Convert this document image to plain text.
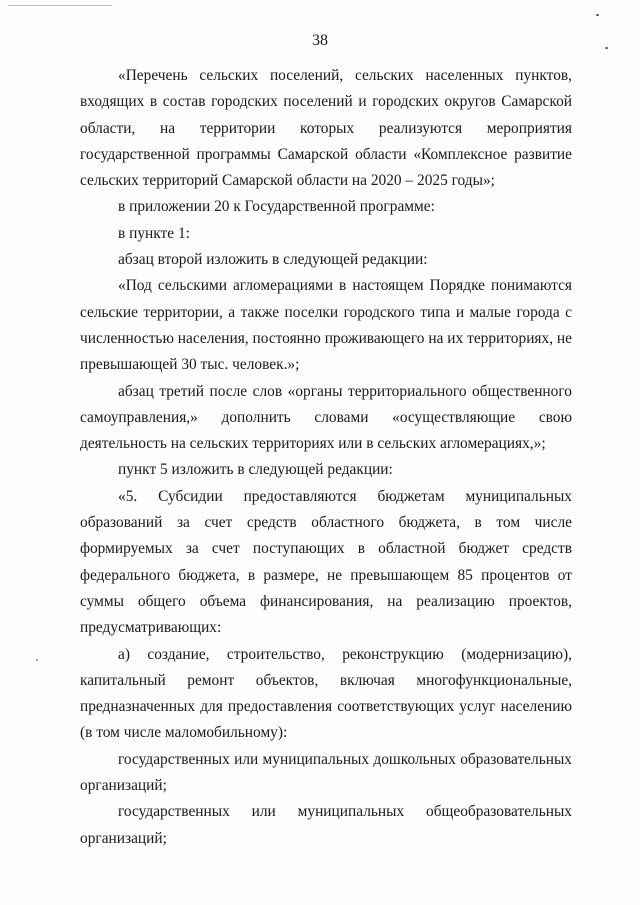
38

«Перечень сельских поселений, сельских населенных пунктов, входящих в состав городских поселений и городских округов Самарской области, на территории которых реализуются мероприятия государственной программы Самарской области «Комплексное развитие сельских территорий Самарской области на 2020 – 2025 годы»;

в приложении 20 к Государственной программе:

в пункте 1:

абзац второй изложить в следующей редакции:

«Под сельскими агломерациями в настоящем Порядке понимаются сельские территории, а также поселки городского типа и малые города с численностью населения, постоянно проживающего на их территориях, не превышающей 30 тыс. человек.»;

абзац третий после слов «органы территориального общественного самоуправления,» дополнить словами «осуществляющие свою деятельность на сельских территориях или в сельских агломерациях,»;

пункт 5 изложить в следующей редакции:

«5. Субсидии предоставляются бюджетам муниципальных образований за счет средств областного бюджета, в том числе формируемых за счет поступающих в областной бюджет средств федерального бюджета, в размере, не превышающем 85 процентов от суммы общего объема финансирования, на реализацию проектов, предусматривающих:

а) создание, строительство, реконструкцию (модернизацию), капитальный ремонт объектов, включая многофункциональные, предназначенных для предоставления соответствующих услуг населению (в том числе маломобильному):

государственных или муниципальных дошкольных образовательных организаций;

государственных или муниципальных общеобразовательных организаций;
